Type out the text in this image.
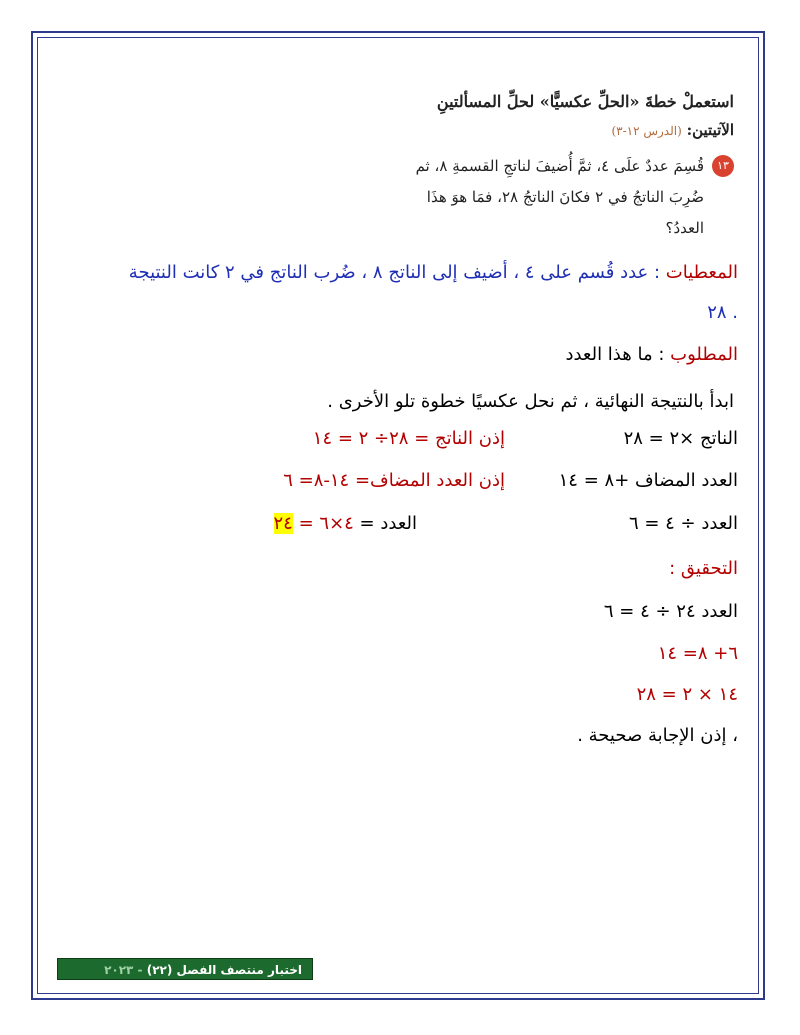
استعملْ خطةَ «الحلِّ عكسيًّا» لحلِّ المسألتينِ
الآتيتين: (الدرس ١٢-٣)
١٣
قُسِمَ عددٌ علَى ٤، ثمَّ أُضيفَ لناتجِ القسمةِ ٨، ثم
ضُرِبَ الناتجُ في ٢ فكانَ الناتجُ ٢٨، فمَا هوَ هذَا
العددُ؟
المعطيات : عدد قُسم على ٤ ، أضيف إلى الناتج ٨ ، ضُرب الناتج في ٢ كانت النتيجة
. ٢٨
المطلوب : ما هذا العدد
ابدأ بالنتيجة النهائية ، ثم نحل عكسيًا خطوة تلو الأخرى .
الناتج ×٢ = ٢٨
إذن الناتج = ٢٨÷ ٢ = ١٤
العدد المضاف +٨ = ١٤
إذن العدد المضاف= ١٤-٨= ٦
العدد ÷ ٤ = ٦
العدد = ٤×٦ = ٢٤
التحقيق :
العدد ٢٤ ÷ ٤ = ٦
٦+ ٨= ١٤
١٤ × ٢ = ٢٨
، إذن الإجابة صحيحة .
اختبار منتصف الفصل (٢٢) - ٢٠٢٣
